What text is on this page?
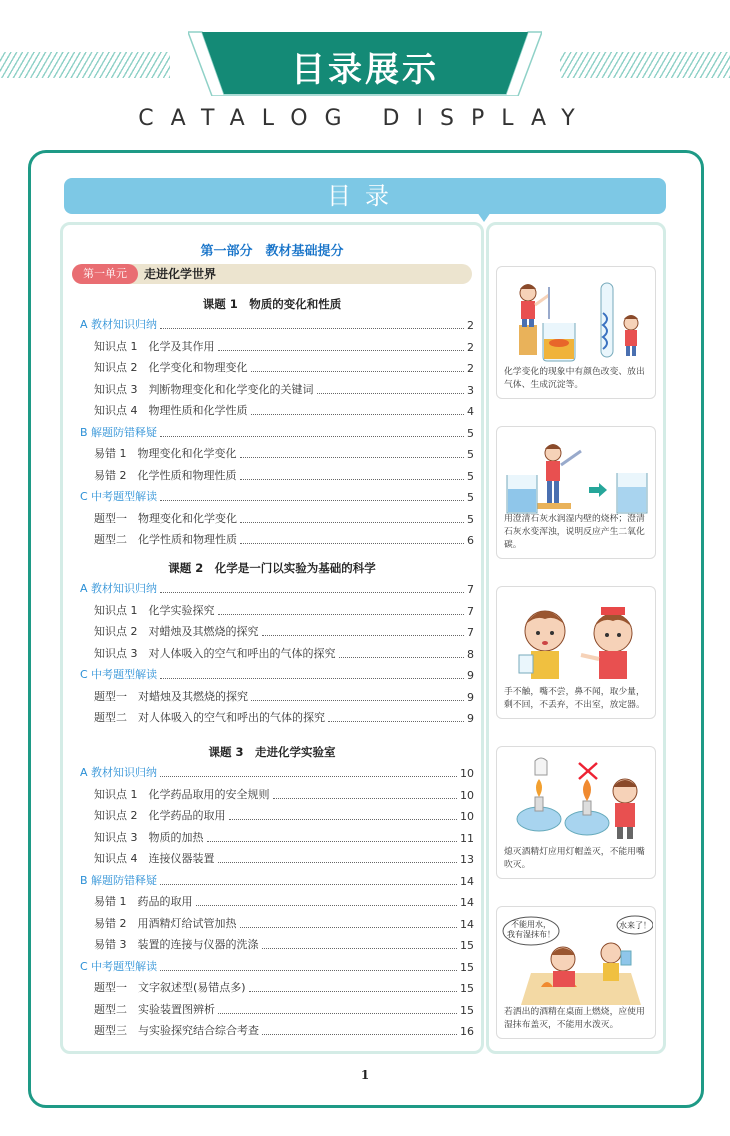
目录展示
CATALOG DISPLAY
目录
第一部分　教材基础提分
第一单元	走进化学世界
课题 1　物质的变化和性质
A 教材知识归纳	2
知识点 1　化学及其作用	2
知识点 2　化学变化和物理变化	2
知识点 3　判断物理变化和化学变化的关键词	3
知识点 4　物理性质和化学性质	4
B 解题防错释疑	5
易错 1　物理变化和化学变化	5
易错 2　化学性质和物理性质	5
C 中考题型解读	5
题型一　物理变化和化学变化	5
题型二　化学性质和物理性质	6
课题 2　化学是一门以实验为基础的科学
A 教材知识归纳	7
知识点 1　化学实验探究	7
知识点 2　对蜡烛及其燃烧的探究	7
知识点 3　对人体吸入的空气和呼出的气体的探究	8
C 中考题型解读	9
题型一　对蜡烛及其燃烧的探究	9
题型二　对人体吸入的空气和呼出的气体的探究	9
课题 3　走进化学实验室
A 教材知识归纳	10
知识点 1　化学药品取用的安全规则	10
知识点 2　化学药品的取用	10
知识点 3　物质的加热	11
知识点 4　连接仪器装置	13
B 解题防错释疑	14
易错 1　药品的取用	14
易错 2　用酒精灯给试管加热	14
易错 3　装置的连接与仪器的洗涤	15
C 中考题型解读	15
题型一　文字叙述型(易错点多)	15
题型二　实验装置图辨析	15
题型三　与实验探究结合综合考查	16
化学变化的现象中有颜色改变、放出气体、生成沉淀等。
用澄清石灰水润湿内壁的烧杯；澄清石灰水变浑浊，说明反应产生二氧化碳。
手不触，嘴不尝，鼻不闻，取少量，剩不回，不丢弃，不出室，放定器。
熄灭酒精灯应用灯帽盖灭，不能用嘴吹灭。
不能用水，
我有湿抹布！
水来了！
若洒出的酒精在桌面上燃烧，应使用湿抹布盖灭，不能用水泼灭。
1
